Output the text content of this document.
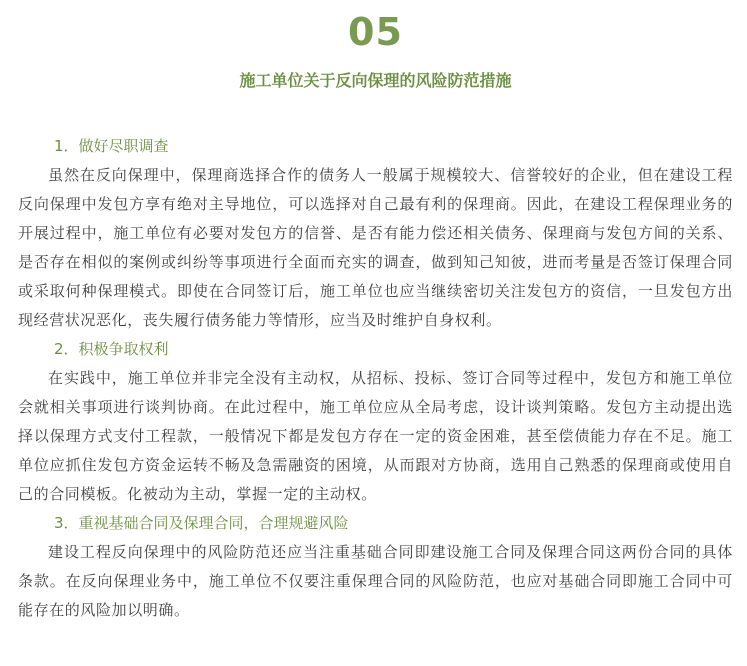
05
施工单位关于反向保理的风险防范措施
1．做好尽职调查

虽然在反向保理中，保理商选择合作的债务人一般属于规模较大、信誉较好的企业，但在建设工程反向保理中发包方享有绝对主导地位，可以选择对自己最有利的保理商。因此，在建设工程保理业务的开展过程中，施工单位有必要对发包方的信誉、是否有能力偿还相关债务、保理商与发包方间的关系、是否存在相似的案例或纠纷等事项进行全面而充实的调查，做到知己知彼，进而考量是否签订保理合同或采取何种保理模式。即使在合同签订后，施工单位也应当继续密切关注发包方的资信，一旦发包方出现经营状况恶化，丧失履行债务能力等情形，应当及时维护自身权利。

2．积极争取权利

在实践中，施工单位并非完全没有主动权，从招标、投标、签订合同等过程中，发包方和施工单位会就相关事项进行谈判协商。在此过程中，施工单位应从全局考虑，设计谈判策略。发包方主动提出选择以保理方式支付工程款，一般情况下都是发包方存在一定的资金困难，甚至偿债能力存在不足。施工单位应抓住发包方资金运转不畅及急需融资的困境，从而跟对方协商，选用自己熟悉的保理商或使用自己的合同模板。化被动为主动，掌握一定的主动权。

3．重视基础合同及保理合同，合理规避风险

建设工程反向保理中的风险防范还应当注重基础合同即建设施工合同及保理合同这两份合同的具体条款。在反向保理业务中，施工单位不仅要注重保理合同的风险防范，也应对基础合同即施工合同中可能存在的风险加以明确。
